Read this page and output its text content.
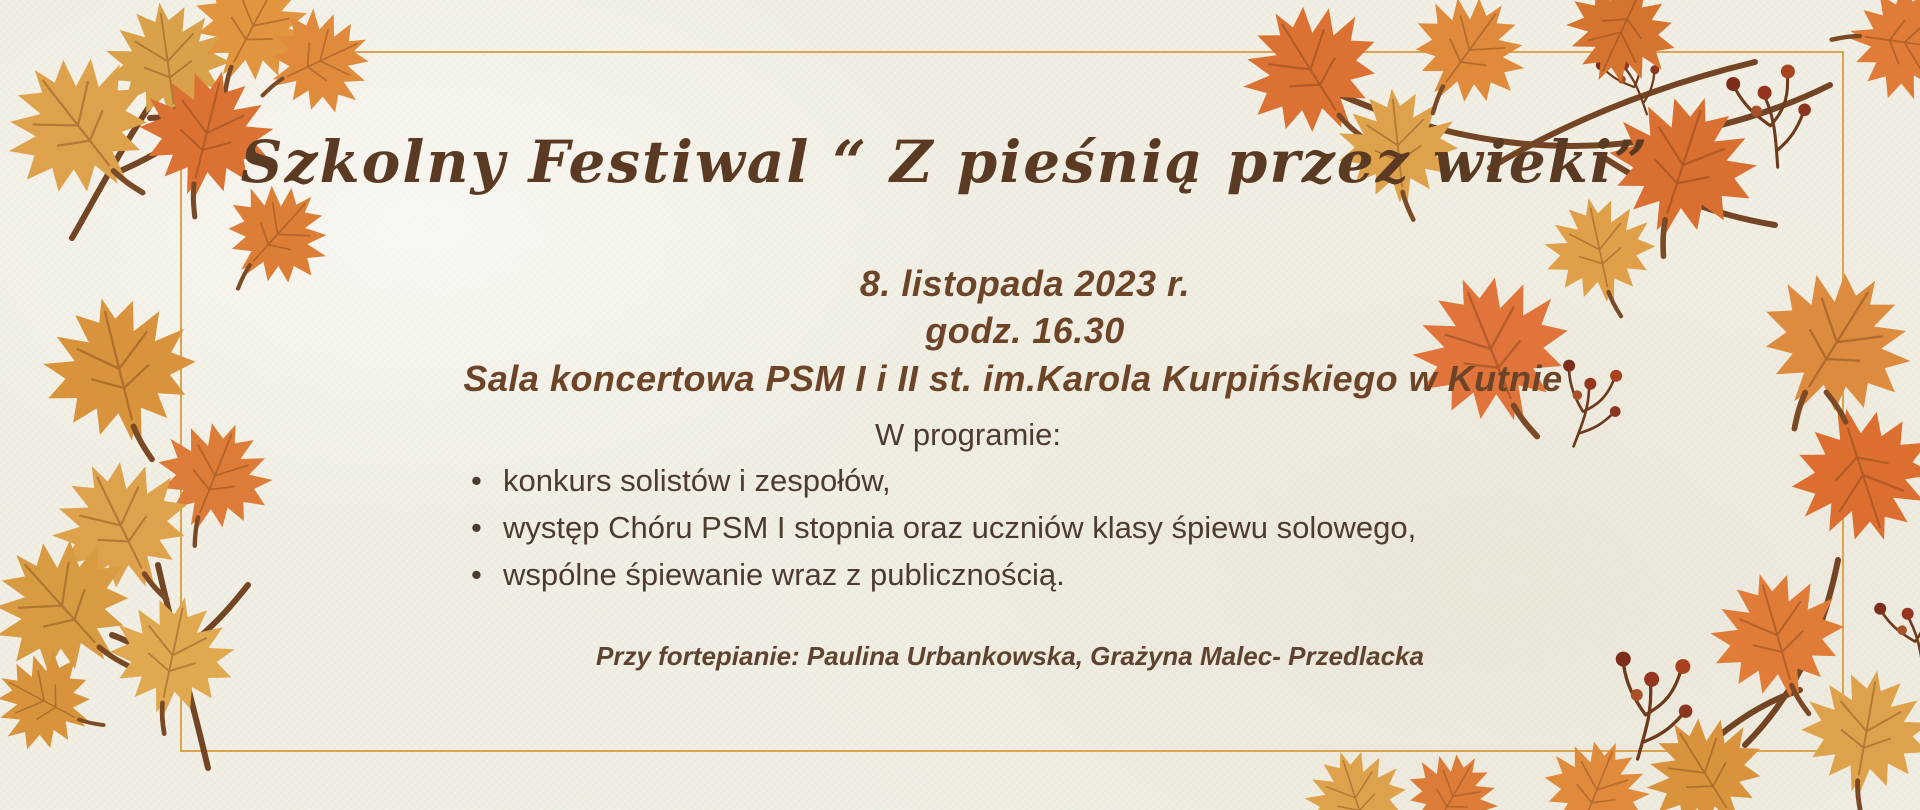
Szkolny Festiwal “ Z pieśnią przez wieki”
8. listopada 2023 r.
godz. 16.30
Sala koncertowa PSM I i II st. im.Karola Kurpińskiego w Kutnie
W programie:
• konkurs solistów i zespołów,
• występ Chóru PSM I stopnia oraz uczniów klasy śpiewu solowego,
• wspólne śpiewanie wraz z publicznością.
Przy fortepianie: Paulina Urbankowska, Grażyna Malec- Przedlacka
